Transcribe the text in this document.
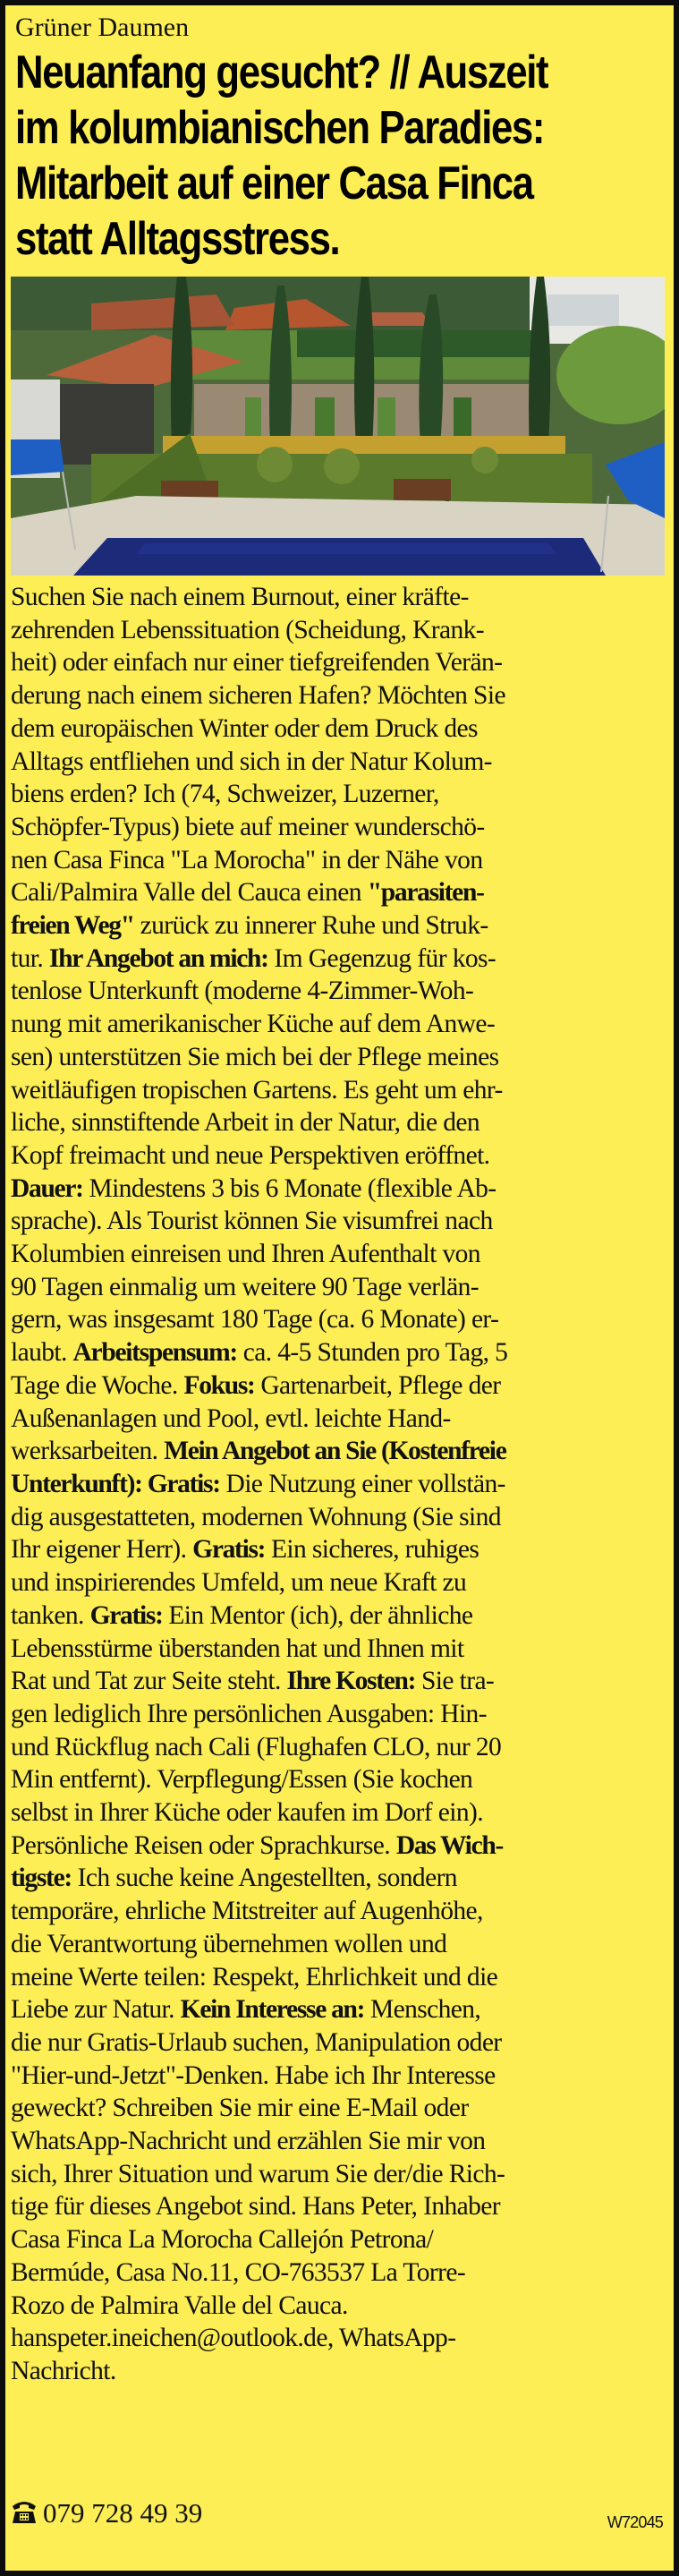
Grüner Daumen
Neuanfang gesucht? // Auszeit
im kolumbianischen Paradies:
Mitarbeit auf einer Casa Finca
statt Alltagsstress.
Suchen Sie nach einem Burnout, einer kräfte-
zehrenden Lebenssituation (Scheidung, Krank-
heit) oder einfach nur einer tiefgreifenden Verän-
derung nach einem sicheren Hafen? Möchten Sie
dem europäischen Winter oder dem Druck des
Alltags entfliehen und sich in der Natur Kolum-
biens erden? Ich (74, Schweizer, Luzerner,
Schöpfer-Typus) biete auf meiner wunderschö-
nen Casa Finca "La Morocha" in der Nähe von
Cali/Palmira Valle del Cauca einen "parasiten-
freien Weg" zurück zu innerer Ruhe und Struk-
tur. Ihr Angebot an mich: Im Gegenzug für kos-
tenlose Unterkunft (moderne 4-Zimmer-Woh-
nung mit amerikanischer Küche auf dem Anwe-
sen) unterstützen Sie mich bei der Pflege meines
weitläufigen tropischen Gartens. Es geht um ehr-
liche, sinnstiftende Arbeit in der Natur, die den
Kopf freimacht und neue Perspektiven eröffnet.
Dauer: Mindestens 3 bis 6 Monate (flexible Ab-
sprache). Als Tourist können Sie visumfrei nach
Kolumbien einreisen und Ihren Aufenthalt von
90 Tagen einmalig um weitere 90 Tage verlän-
gern, was insgesamt 180 Tage (ca. 6 Monate) er-
laubt. Arbeitspensum: ca. 4-5 Stunden pro Tag, 5
Tage die Woche. Fokus: Gartenarbeit, Pflege der
Außenanlagen und Pool, evtl. leichte Hand-
werksarbeiten. Mein Angebot an Sie (Kostenfreie
Unterkunft): Gratis: Die Nutzung einer vollstän-
dig ausgestatteten, modernen Wohnung (Sie sind
Ihr eigener Herr). Gratis: Ein sicheres, ruhiges
und inspirierendes Umfeld, um neue Kraft zu
tanken. Gratis: Ein Mentor (ich), der ähnliche
Lebensstürme überstanden hat und Ihnen mit
Rat und Tat zur Seite steht. Ihre Kosten: Sie tra-
gen lediglich Ihre persönlichen Ausgaben: Hin-
und Rückflug nach Cali (Flughafen CLO, nur 20
Min entfernt). Verpflegung/Essen (Sie kochen
selbst in Ihrer Küche oder kaufen im Dorf ein).
Persönliche Reisen oder Sprachkurse. Das Wich-
tigste: Ich suche keine Angestellten, sondern
temporäre, ehrliche Mitstreiter auf Augenhöhe,
die Verantwortung übernehmen wollen und
meine Werte teilen: Respekt, Ehrlichkeit und die
Liebe zur Natur. Kein Interesse an: Menschen,
die nur Gratis-Urlaub suchen, Manipulation oder
"Hier-und-Jetzt"-Denken. Habe ich Ihr Interesse
geweckt? Schreiben Sie mir eine E-Mail oder
WhatsApp-Nachricht und erzählen Sie mir von
sich, Ihrer Situation und warum Sie der/die Rich-
tige für dieses Angebot sind. Hans Peter, Inhaber
Casa Finca La Morocha Callejón Petrona/
Bermúde, Casa No.11, CO-763537 La Torre-
Rozo de Palmira Valle del Cauca.
hanspeter.ineichen@outlook.de, WhatsApp-
Nachricht.
079 728 49 39	W72045
